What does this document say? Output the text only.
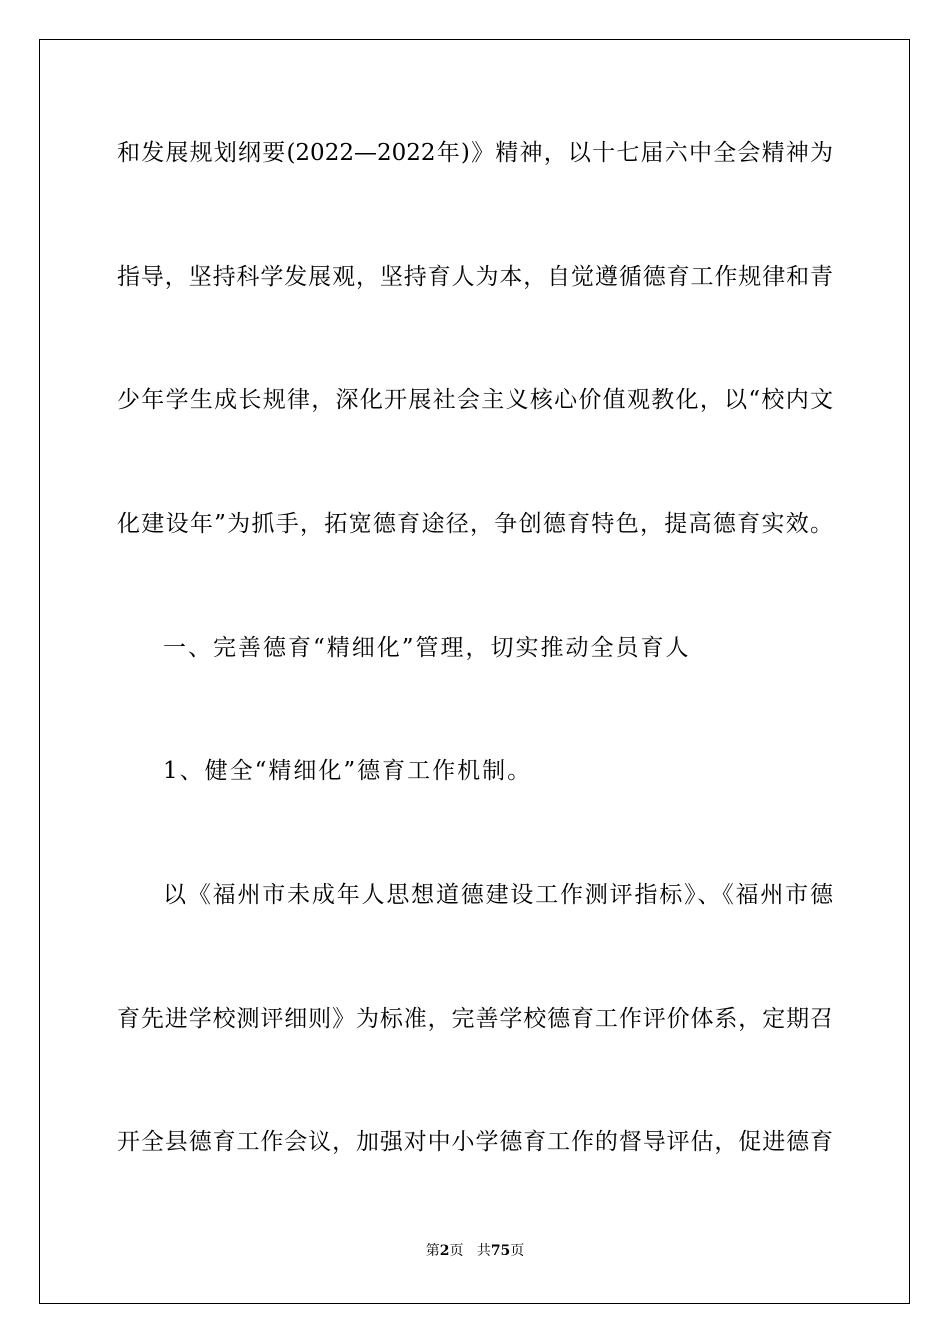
和发展规划纲要(2022—2022年)》精神，以十七届六中全会精神为
指导，坚持科学发展观，坚持育人为本，自觉遵循德育工作规律和青
少年学生成长规律，深化开展社会主义核心价值观教化，以“校内文
化建设年”为抓手，拓宽德育途径，争创德育特色，提高德育实效。
一、完善德育“精细化”管理，切实推动全员育人
1、健全“精细化”德育工作机制。
以《福州市未成年人思想道德建设工作测评指标》、《福州市德
育先进学校测评细则》为标准，完善学校德育工作评价体系，定期召
开全县德育工作会议，加强对中小学德育工作的督导评估，促进德育
第2页 共75页
